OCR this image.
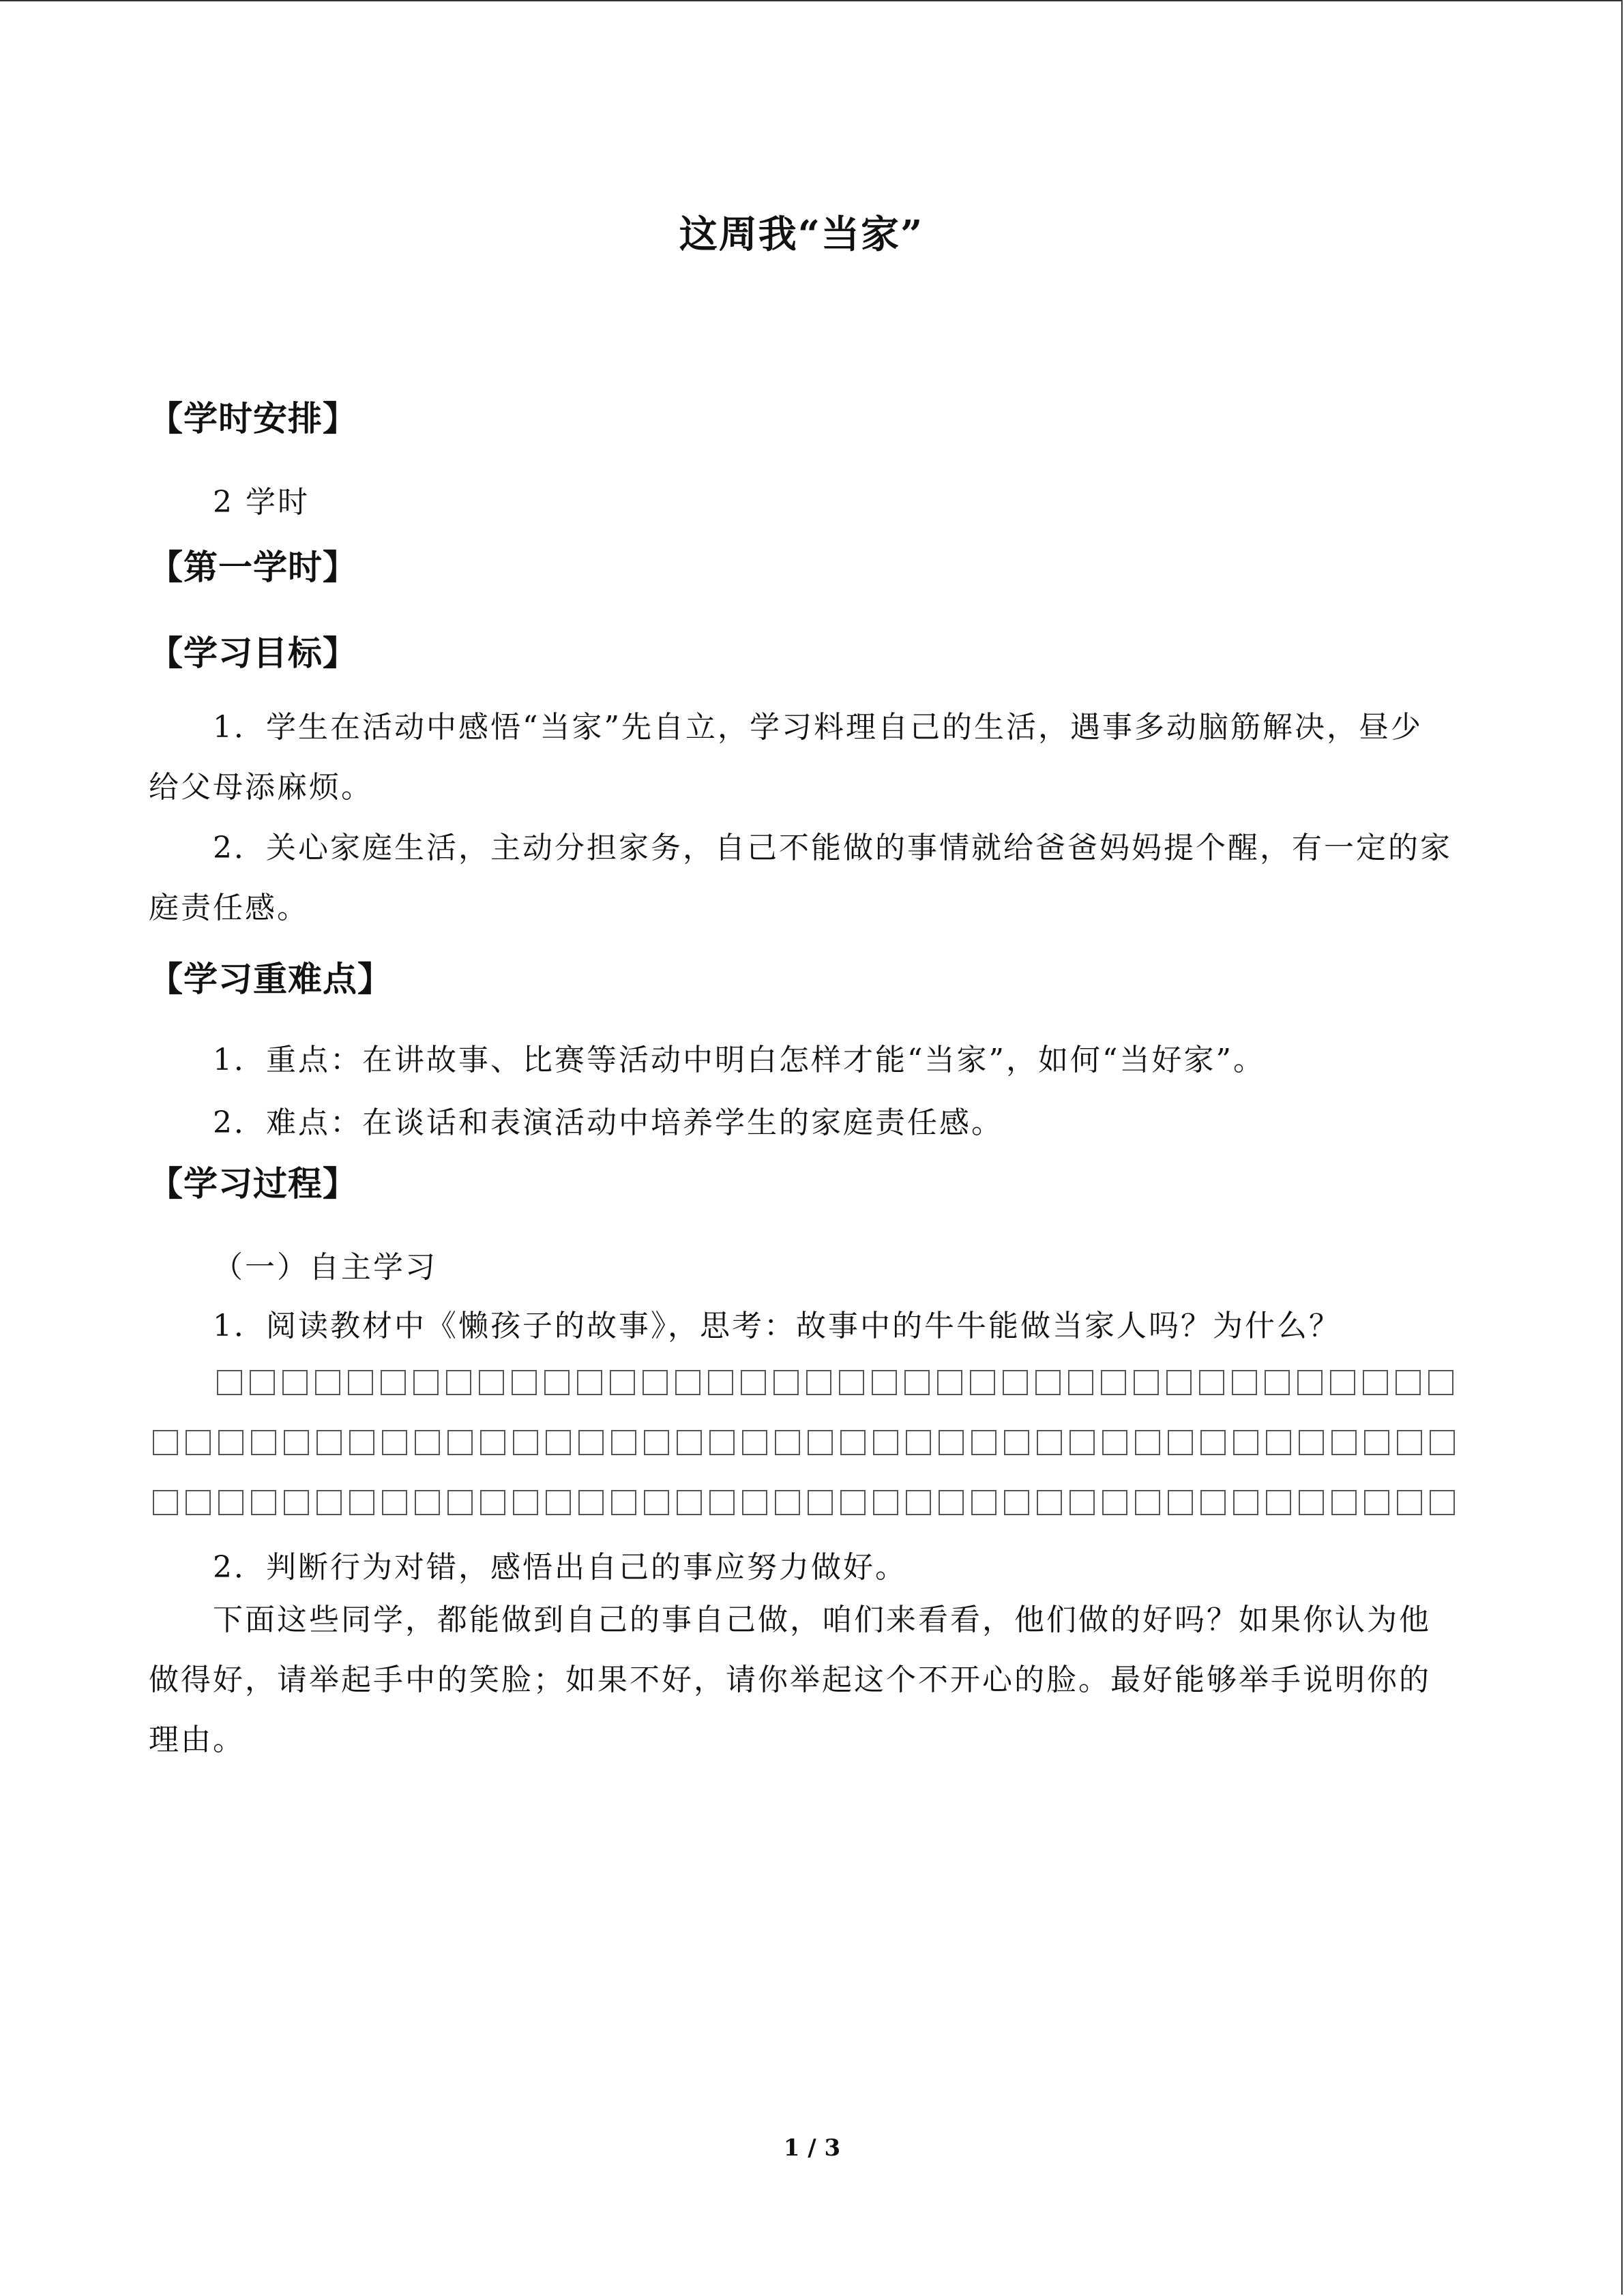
这周我“当家”
【学时安排】
2 学时
【第一学时】
【学习目标】
1．学生在活动中感悟“当家”先自立，学习料理自己的生活，遇事多动脑筋解决，昼少给父母添麻烦。
2．关心家庭生活，主动分担家务，自己不能做的事情就给爸爸妈妈提个醒，有一定的家庭责任感。
【学习重难点】
1．重点：在讲故事、比赛等活动中明白怎样才能“当家”，如何“当好家”。
2．难点：在谈话和表演活动中培养学生的家庭责任感。
【学习过程】
（一）自主学习
1．阅读教材中《懒孩子的故事》，思考：故事中的牛牛能做当家人吗？为什么？
2．判断行为对错，感悟出自己的事应努力做好。
下面这些同学，都能做到自己的事自己做，咱们来看看，他们做的好吗？如果你认为他做得好，请举起手中的笑脸；如果不好，请你举起这个不开心的脸。最好能够举手说明你的理由。
1 / 3
